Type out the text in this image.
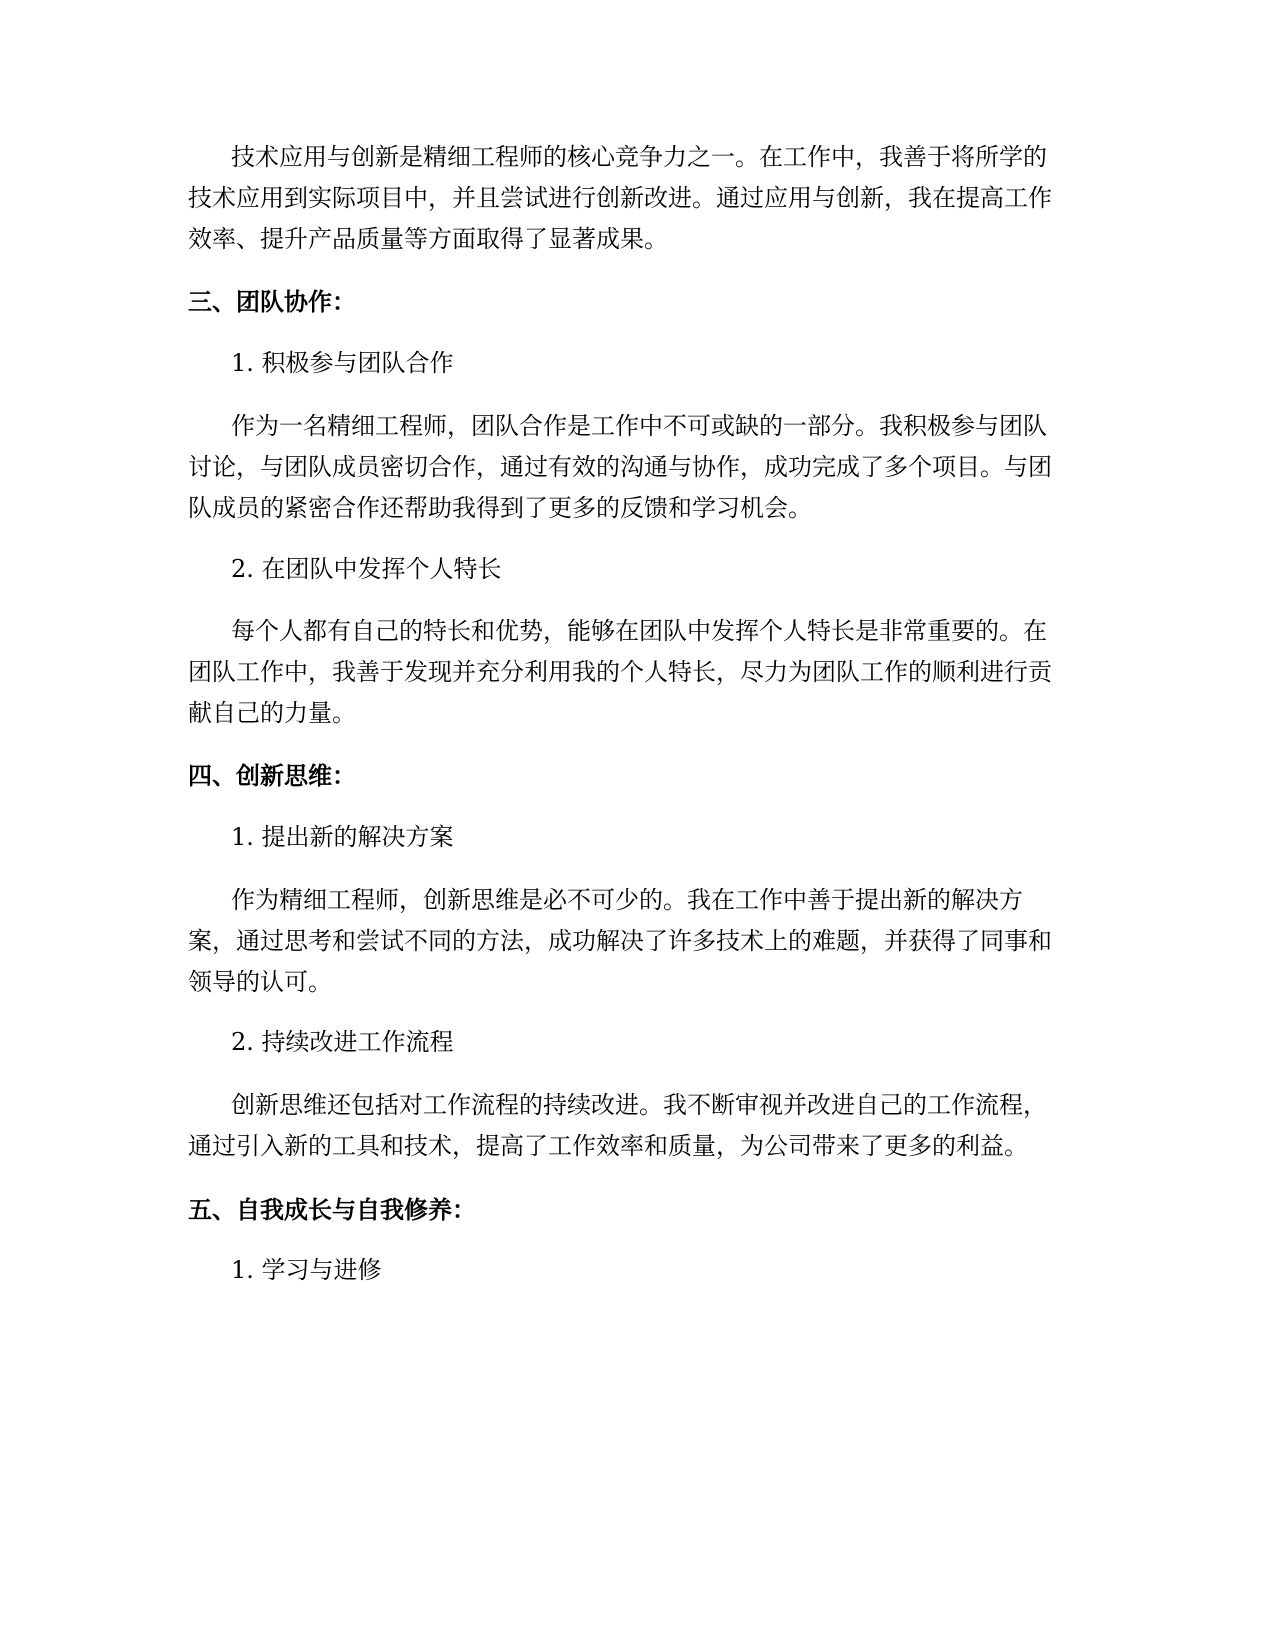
技术应用与创新是精细工程师的核心竞争力之一。在工作中，我善于将所学的

技术应用到实际项目中，并且尝试进行创新改进。通过应用与创新，我在提高工作

效率、提升产品质量等方面取得了显著成果。

三、团队协作：

1. 积极参与团队合作

作为一名精细工程师，团队合作是工作中不可或缺的一部分。我积极参与团队

讨论，与团队成员密切合作，通过有效的沟通与协作，成功完成了多个项目。与团

队成员的紧密合作还帮助我得到了更多的反馈和学习机会。

2. 在团队中发挥个人特长

每个人都有自己的特长和优势，能够在团队中发挥个人特长是非常重要的。在

团队工作中，我善于发现并充分利用我的个人特长，尽力为团队工作的顺利进行贡

献自己的力量。

四、创新思维：

1. 提出新的解决方案

作为精细工程师，创新思维是必不可少的。我在工作中善于提出新的解决方

案，通过思考和尝试不同的方法，成功解决了许多技术上的难题，并获得了同事和

领导的认可。

2. 持续改进工作流程

创新思维还包括对工作流程的持续改进。我不断审视并改进自己的工作流程，

通过引入新的工具和技术，提高了工作效率和质量，为公司带来了更多的利益。

五、自我成长与自我修养：

1. 学习与进修
